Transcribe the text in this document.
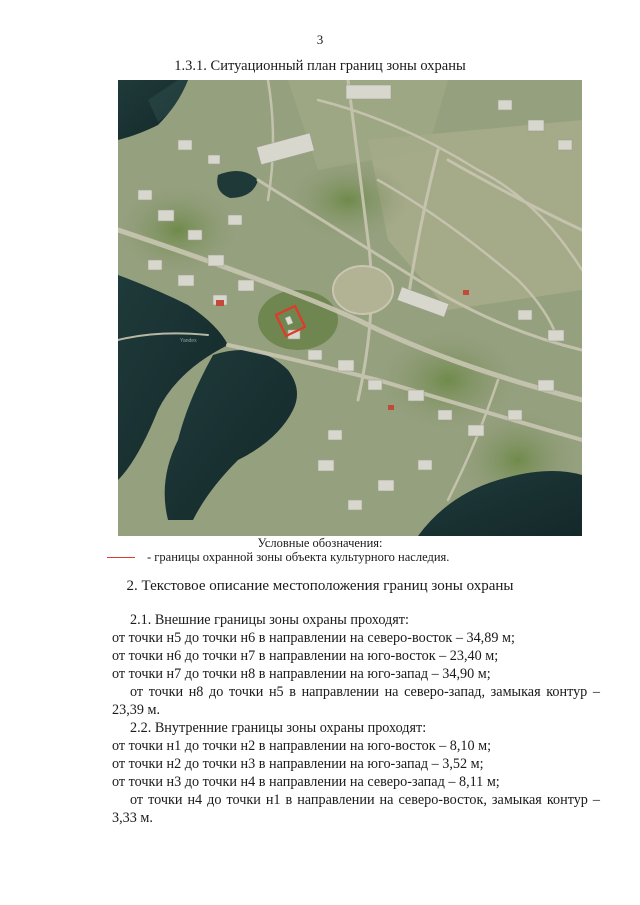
3
1.3.1. Ситуационный план границ зоны охраны
Yandex
Условные обозначения:
- границы охранной зоны объекта культурного наследия.
2. Текстовое описание местоположения границ зоны охраны

2.1. Внешние границы зоны охраны проходят:

от точки н5 до точки н6 в направлении на северо-восток – 34,89 м;

от точки н6 до точки н7 в направлении на юго-восток – 23,40 м;

от точки н7 до точки н8 в направлении на юго-запад – 34,90 м;

от точки н8 до точки н5 в направлении на северо-запад, замыкая контур – 23,39 м.

2.2. Внутренние границы зоны охраны проходят:

от точки н1 до точки н2 в направлении на юго-восток – 8,10 м;

от точки н2 до точки н3 в направлении на юго-запад – 3,52 м;

от точки н3 до точки н4 в направлении на северо-запад – 8,11 м;

от точки н4 до точки н1 в направлении на северо-восток, замыкая контур – 3,33 м.
